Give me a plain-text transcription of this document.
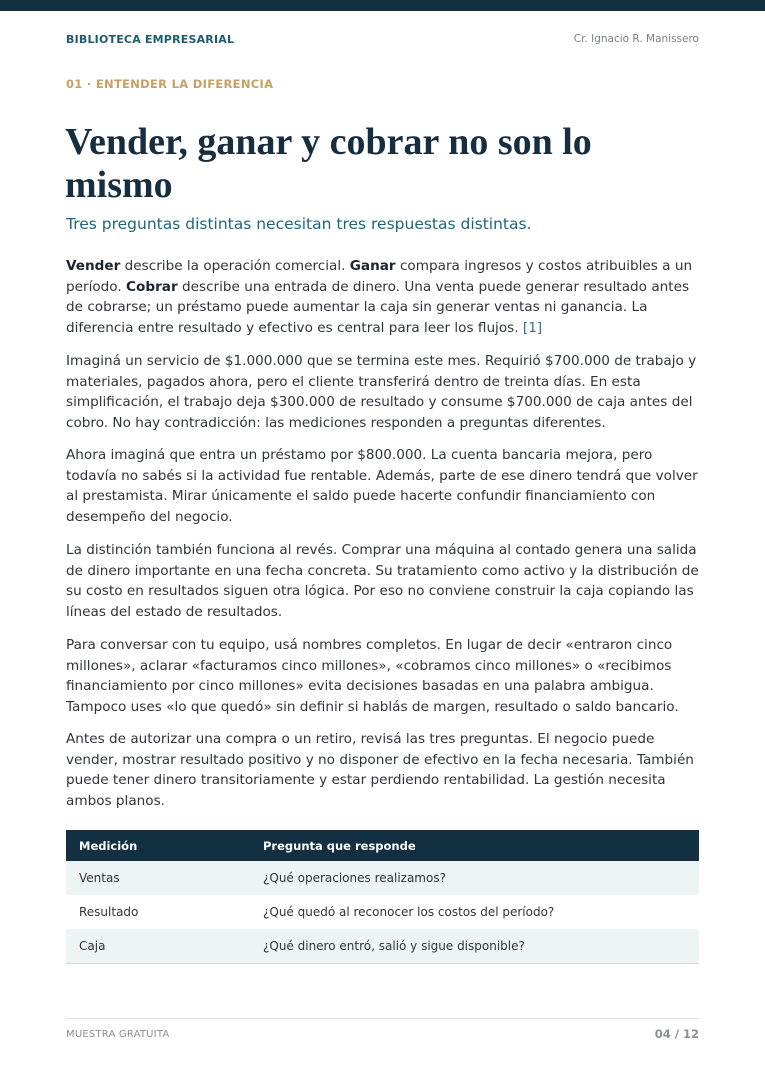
BIBLIOTECA EMPRESARIAL	Cr. Ignacio R. Manissero
01 · ENTENDER LA DIFERENCIA
Vender, ganar y cobrar no son lo mismo
Tres preguntas distintas necesitan tres respuestas distintas.

Vender describe la operación comercial. Ganar compara ingresos y costos atribuibles a un período. Cobrar describe una entrada de dinero. Una venta puede generar resultado antes de cobrarse; un préstamo puede aumentar la caja sin generar ventas ni ganancia. La diferencia entre resultado y efectivo es central para leer los flujos. [1]

Imaginá un servicio de $1.000.000 que se termina este mes. Requirió $700.000 de trabajo y materiales, pagados ahora, pero el cliente transferirá dentro de treinta días. En esta simplificación, el trabajo deja $300.000 de resultado y consume $700.000 de caja antes del cobro. No hay contradicción: las mediciones responden a preguntas diferentes.

Ahora imaginá que entra un préstamo por $800.000. La cuenta bancaria mejora, pero todavía no sabés si la actividad fue rentable. Además, parte de ese dinero tendrá que volver al prestamista. Mirar únicamente el saldo puede hacerte confundir financiamiento con desempeño del negocio.

La distinción también funciona al revés. Comprar una máquina al contado genera una salida de dinero importante en una fecha concreta. Su tratamiento como activo y la distribución de su costo en resultados siguen otra lógica. Por eso no conviene construir la caja copiando las líneas del estado de resultados.

Para conversar con tu equipo, usá nombres completos. En lugar de decir «entraron cinco millones», aclarar «facturamos cinco millones», «cobramos cinco millones» o «recibimos financiamiento por cinco millones» evita decisiones basadas en una palabra ambigua. Tampoco uses «lo que quedó» sin definir si hablás de margen, resultado o saldo bancario.

Antes de autorizar una compra o un retiro, revisá las tres preguntas. El negocio puede vender, mostrar resultado positivo y no disponer de efectivo en la fecha necesaria. También puede tener dinero transitoriamente y estar perdiendo rentabilidad. La gestión necesita ambos planos.

Medición	Pregunta que responde
Ventas	¿Qué operaciones realizamos?
Resultado	¿Qué quedó al reconocer los costos del período?
Caja	¿Qué dinero entró, salió y sigue disponible?
MUESTRA GRATUITA	04 / 12
